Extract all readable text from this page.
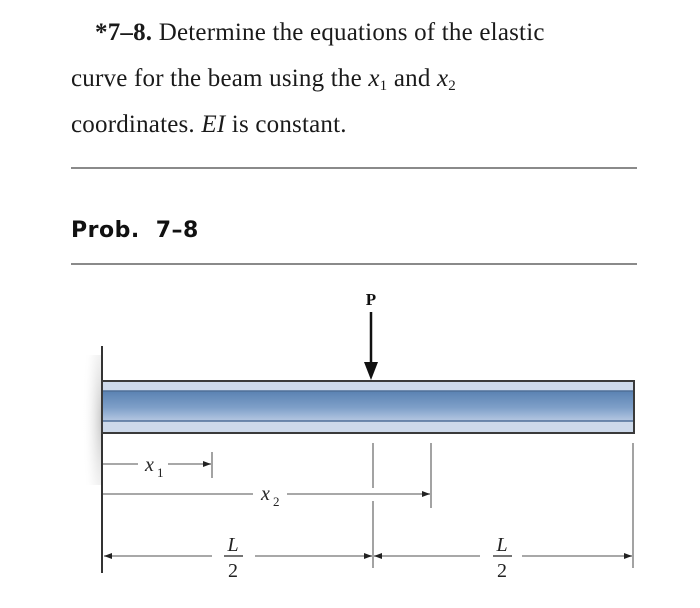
*7–8. Determine the equations of the elastic
curve for the beam using the $x_1$ and $x_2$
coordinates. EI is constant.
Prob. 7–8
P
x 1
x 2
L
2
L
2
